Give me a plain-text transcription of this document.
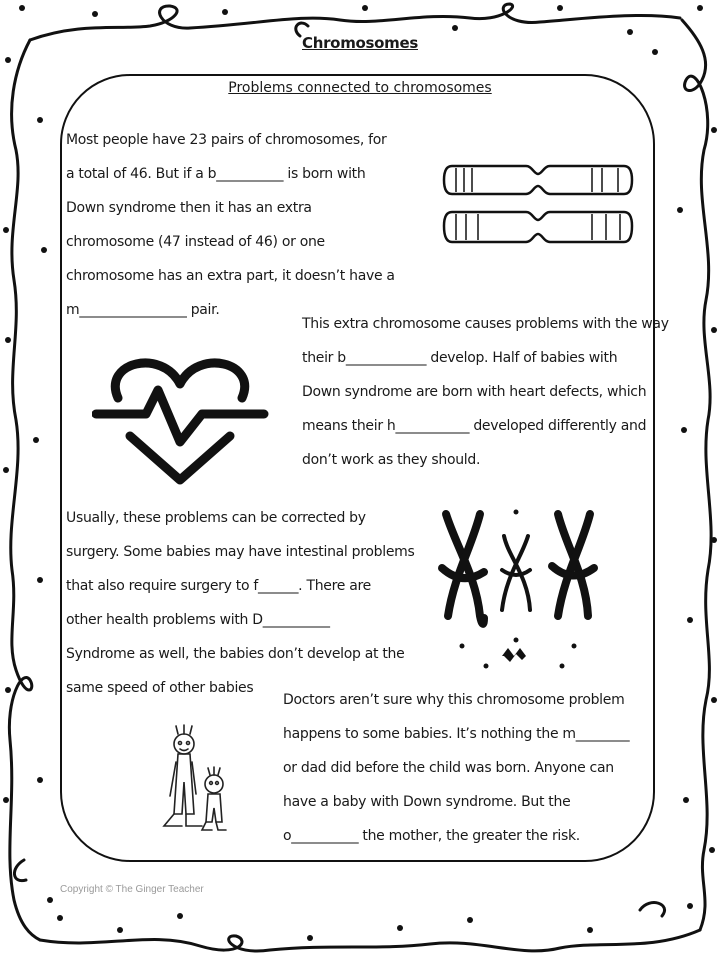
Chromosomes
Problems connected to chromosomes
Most people have 23 pairs of chromosomes, for
a total of 46. But if a b__________ is born with
Down syndrome then it has an extra
chromosome (47 instead of 46) or one
chromosome has an extra part, it doesn’t have a
m________________ pair.
This extra chromosome causes problems with the way
their b____________ develop. Half of babies with
Down syndrome are born with heart defects, which
means their h___________ developed differently and
don’t work as they should.
Usually, these problems can be corrected by
surgery. Some babies may have intestinal problems
that also require surgery to f______. There are
other health problems with D__________
Syndrome as well, the babies don’t develop at the
same speed of other babies
Doctors aren’t sure why this chromosome problem
happens to some babies. It’s nothing the m________
or dad did before the child was born. Anyone can
have a baby with Down syndrome. But the
o__________ the mother, the greater the risk.
Copyright © The Ginger Teacher
